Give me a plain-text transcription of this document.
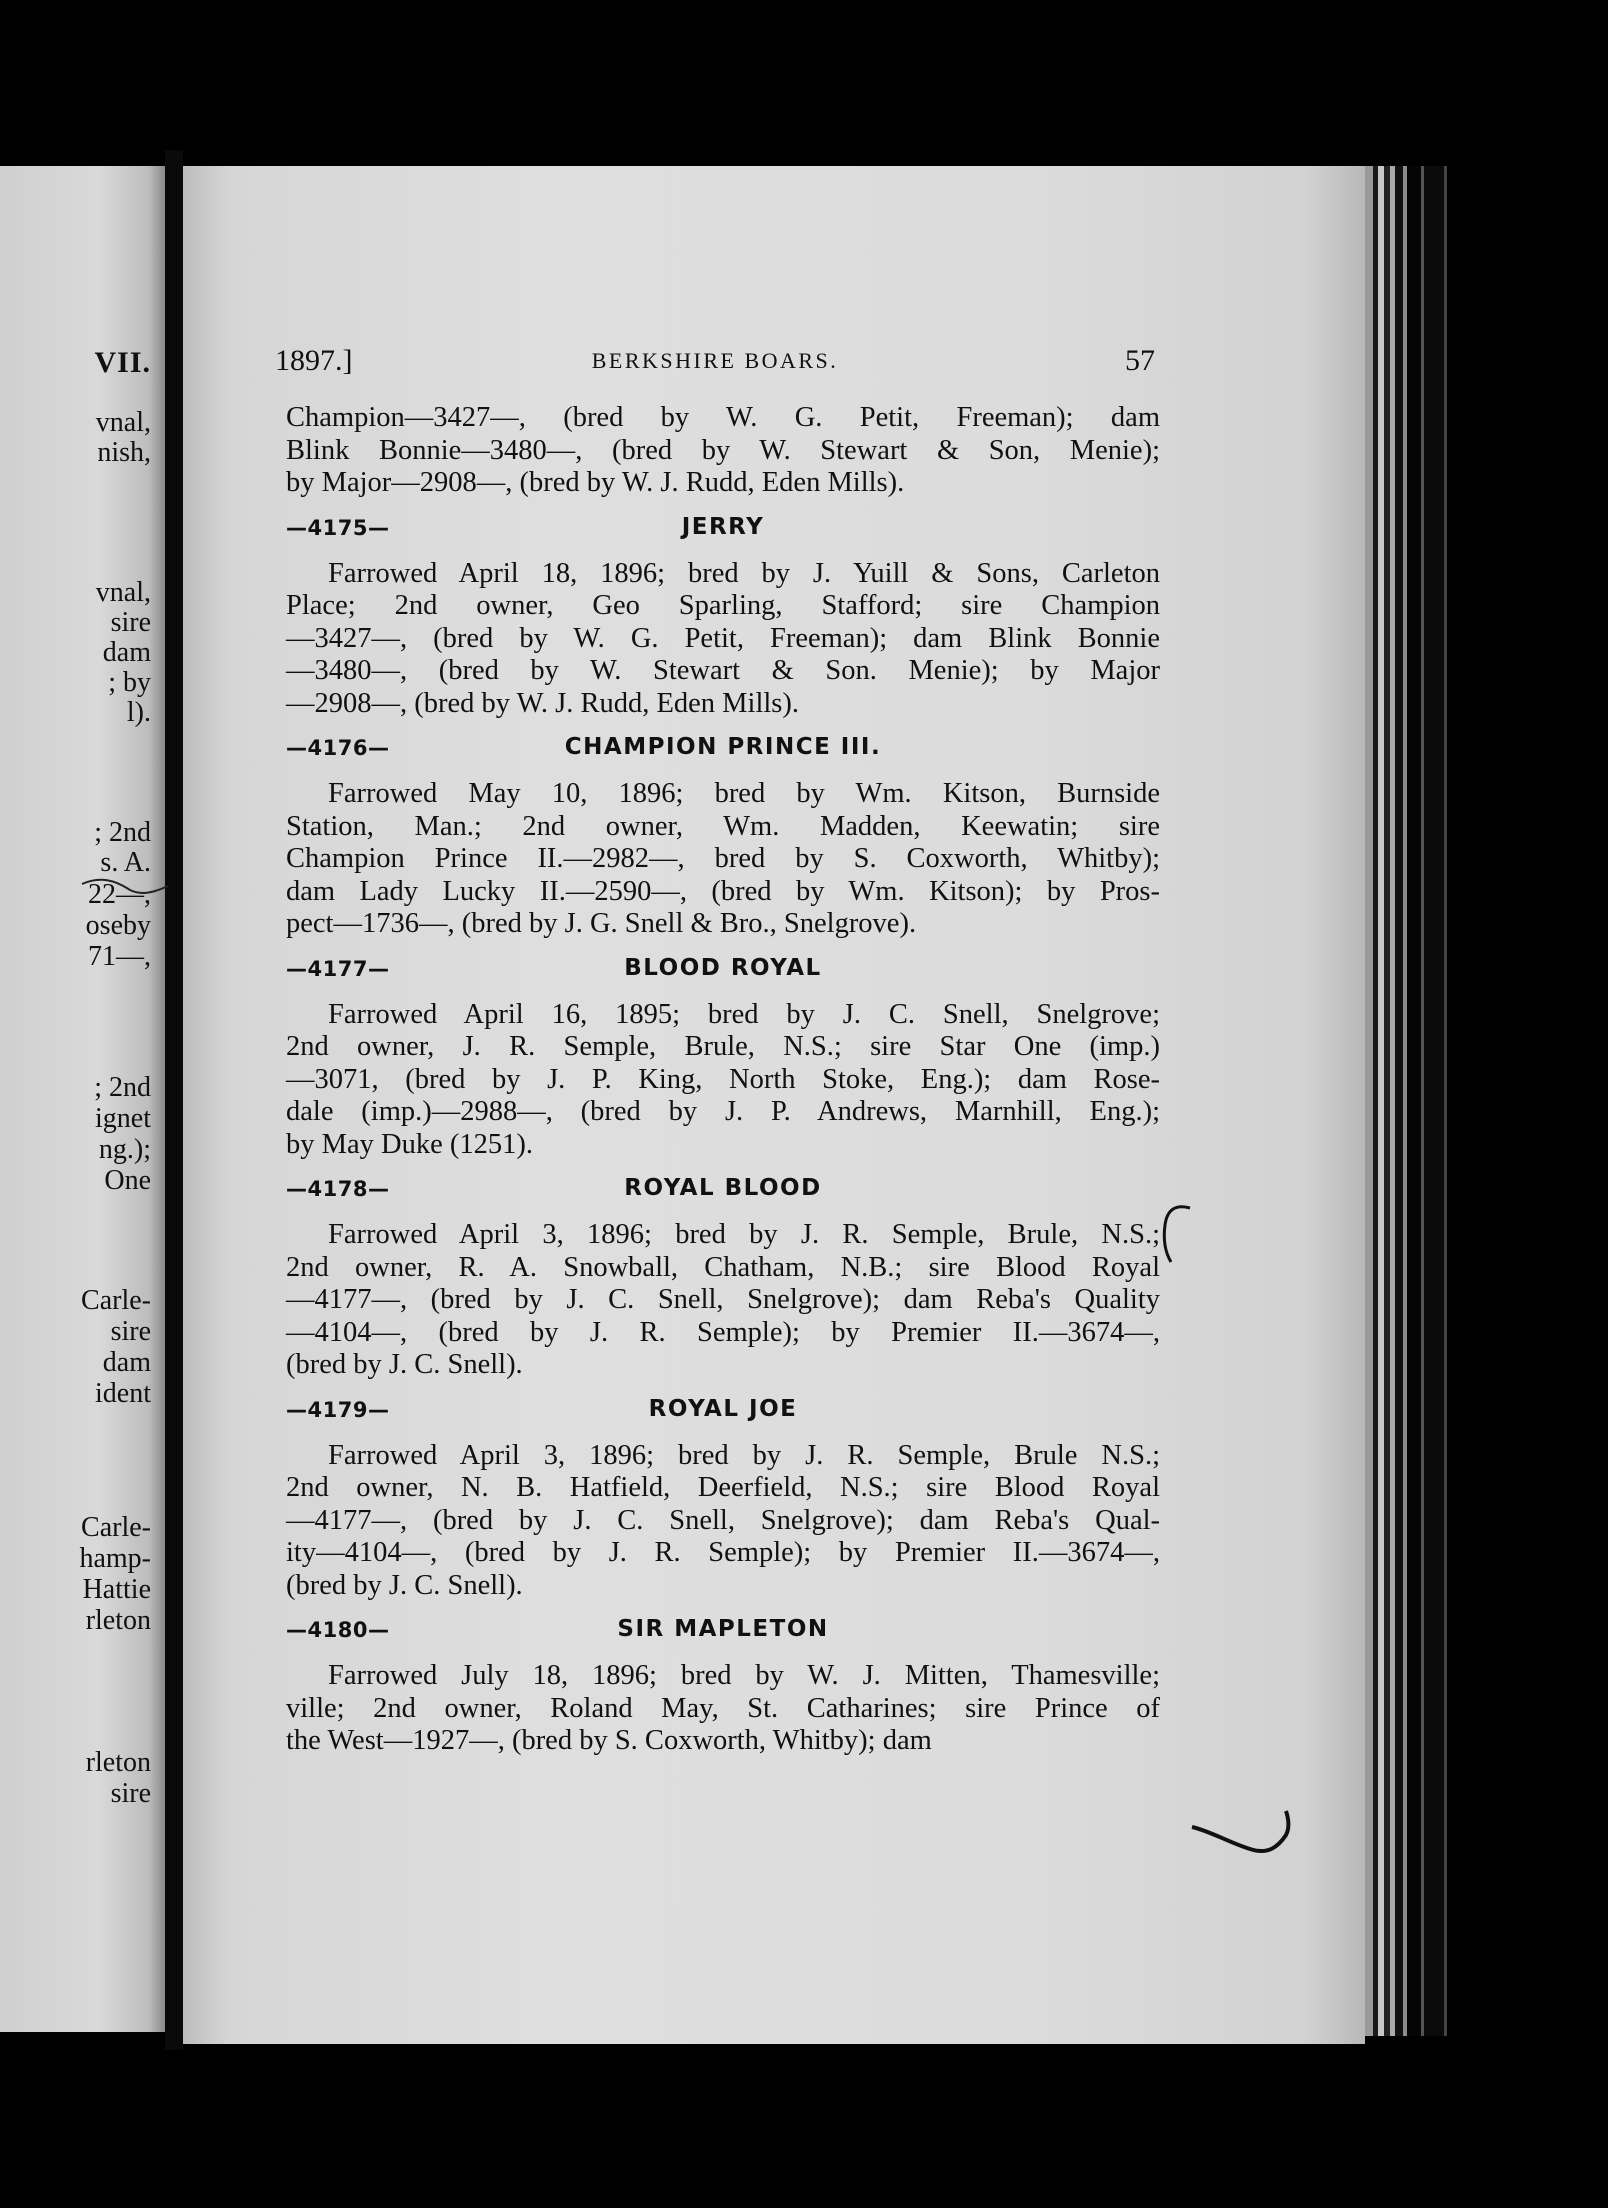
VII.
vnal,
nish,
vnal,
sire
dam
; by
l).
; 2nd
s. A.
22—,
oseby
71—,
; 2nd
ignet
ng.);
One
Carle-
sire
dam
ident
Carle-
hamp-
Hattie
rleton
rleton
sire
1897.]	BERKSHIRE BOARS.	57

Champion—3427—, (bred by W. G. Petit, Freeman); dam
Blink Bonnie—3480—, (bred by W. Stewart & Son, Menie);
by Major—2908—, (bred by W. J. Rudd, Eden Mills).

—4175—	JERRY

Farrowed April 18, 1896; bred by J. Yuill & Sons, Carleton
Place; 2nd owner, Geo Sparling, Stafford; sire Champion
—3427—, (bred by W. G. Petit, Freeman); dam Blink Bonnie
—3480—, (bred by W. Stewart & Son. Menie); by Major
—2908—, (bred by W. J. Rudd, Eden Mills).

—4176—	CHAMPION PRINCE III.

Farrowed May 10, 1896; bred by Wm. Kitson, Burnside
Station, Man.; 2nd owner, Wm. Madden, Keewatin; sire
Champion Prince II.—2982—, bred by S. Coxworth, Whitby);
dam Lady Lucky II.—2590—, (bred by Wm. Kitson); by Pros-
pect—1736—, (bred by J. G. Snell & Bro., Snelgrove).

—4177—	BLOOD ROYAL

Farrowed April 16, 1895; bred by J. C. Snell, Snelgrove;
2nd owner, J. R. Semple, Brule, N.S.; sire Star One (imp.)
—3071, (bred by J. P. King, North Stoke, Eng.); dam Rose-
dale (imp.)—2988—, (bred by J. P. Andrews, Marnhill, Eng.);
by May Duke (1251).

—4178—	ROYAL BLOOD

Farrowed April 3, 1896; bred by J. R. Semple, Brule, N.S.;
2nd owner, R. A. Snowball, Chatham, N.B.; sire Blood Royal
—4177—, (bred by J. C. Snell, Snelgrove); dam Reba's Quality
—4104—, (bred by J. R. Semple); by Premier II.—3674—,
(bred by J. C. Snell).

—4179—	ROYAL JOE

Farrowed April 3, 1896; bred by J. R. Semple, Brule N.S.;
2nd owner, N. B. Hatfield, Deerfield, N.S.; sire Blood Royal
—4177—, (bred by J. C. Snell, Snelgrove); dam Reba's Qual-
ity—4104—, (bred by J. R. Semple); by Premier II.—3674—,
(bred by J. C. Snell).

—4180—	SIR MAPLETON

Farrowed July 18, 1896; bred by W. J. Mitten, Thamesville;
ville; 2nd owner, Roland May, St. Catharines; sire Prince of
the West—1927—, (bred by S. Coxworth, Whitby); dam
